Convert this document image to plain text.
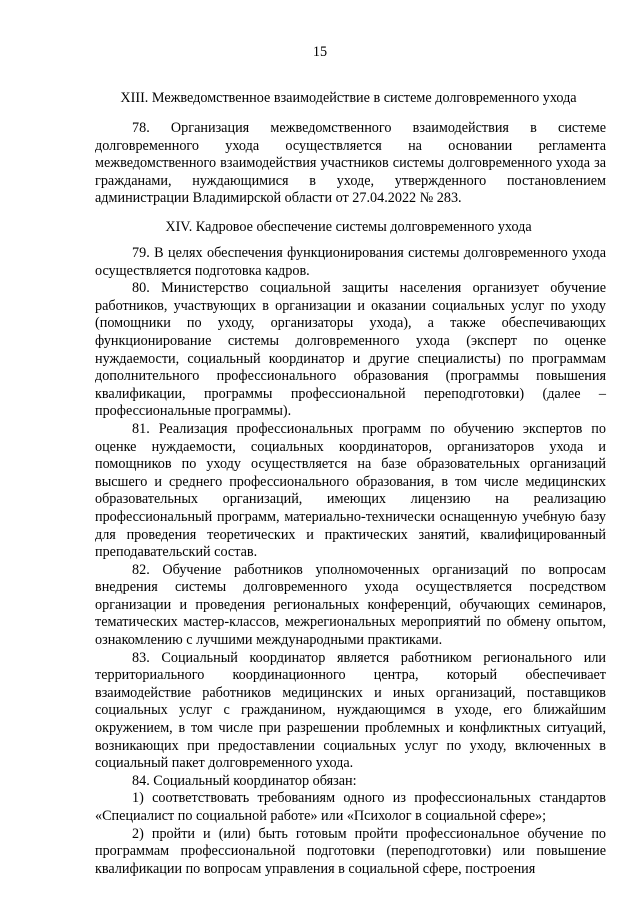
15
XIII. Межведомственное взаимодействие в системе долговременного ухода

78. Организация межведомственного взаимодействия в системе долговременного ухода осуществляется на основании регламента межведомственного взаимодействия участников системы долговременного ухода за гражданами, нуждающимися в уходе, утвержденного постановлением администрации Владимирской области от 27.04.2022 № 283.

XIV. Кадровое обеспечение системы долговременного ухода

79. В целях обеспечения функционирования системы долговременного ухода осуществляется подготовка кадров.

80. Министерство социальной защиты населения организует обучение работников, участвующих в организации и оказании социальных услуг по уходу (помощники по уходу, организаторы ухода), а также обеспечивающих функционирование системы долговременного ухода (эксперт по оценке нуждаемости, социальный координатор и другие специалисты) по программам дополнительного профессионального образования (программы повышения квалификации, программы профессиональной переподготовки) (далее – профессиональные программы).

81. Реализация профессиональных программ по обучению экспертов по оценке нуждаемости, социальных координаторов, организаторов ухода и помощников по уходу осуществляется на базе образовательных организаций высшего и среднего профессионального образования, в том числе медицинских образовательных организаций, имеющих лицензию на реализацию профессиональный программ, материально-технически оснащенную учебную базу для проведения теоретических и практических занятий, квалифицированный преподавательский состав.

82. Обучение работников уполномоченных организаций по вопросам внедрения системы долговременного ухода осуществляется посредством организации и проведения региональных конференций, обучающих семинаров, тематических мастер-классов, межрегиональных мероприятий по обмену опытом, ознакомлению с лучшими международными практиками.

83. Социальный координатор является работником регионального или территориального координационного центра, который обеспечивает взаимодействие работников медицинских и иных организаций, поставщиков социальных услуг с гражданином, нуждающимся в уходе, его ближайшим окружением, в том числе при разрешении проблемных и конфликтных ситуаций, возникающих при предоставлении социальных услуг по уходу, включенных в социальный пакет долговременного ухода.

84. Социальный координатор обязан:

1) соответствовать требованиям одного из профессиональных стандартов «Специалист по социальной работе» или «Психолог в социальной сфере»;

2) пройти и (или) быть готовым пройти профессиональное обучение по программам профессиональной подготовки (переподготовки) или повышение квалификации по вопросам управления в социальной сфере, построения
